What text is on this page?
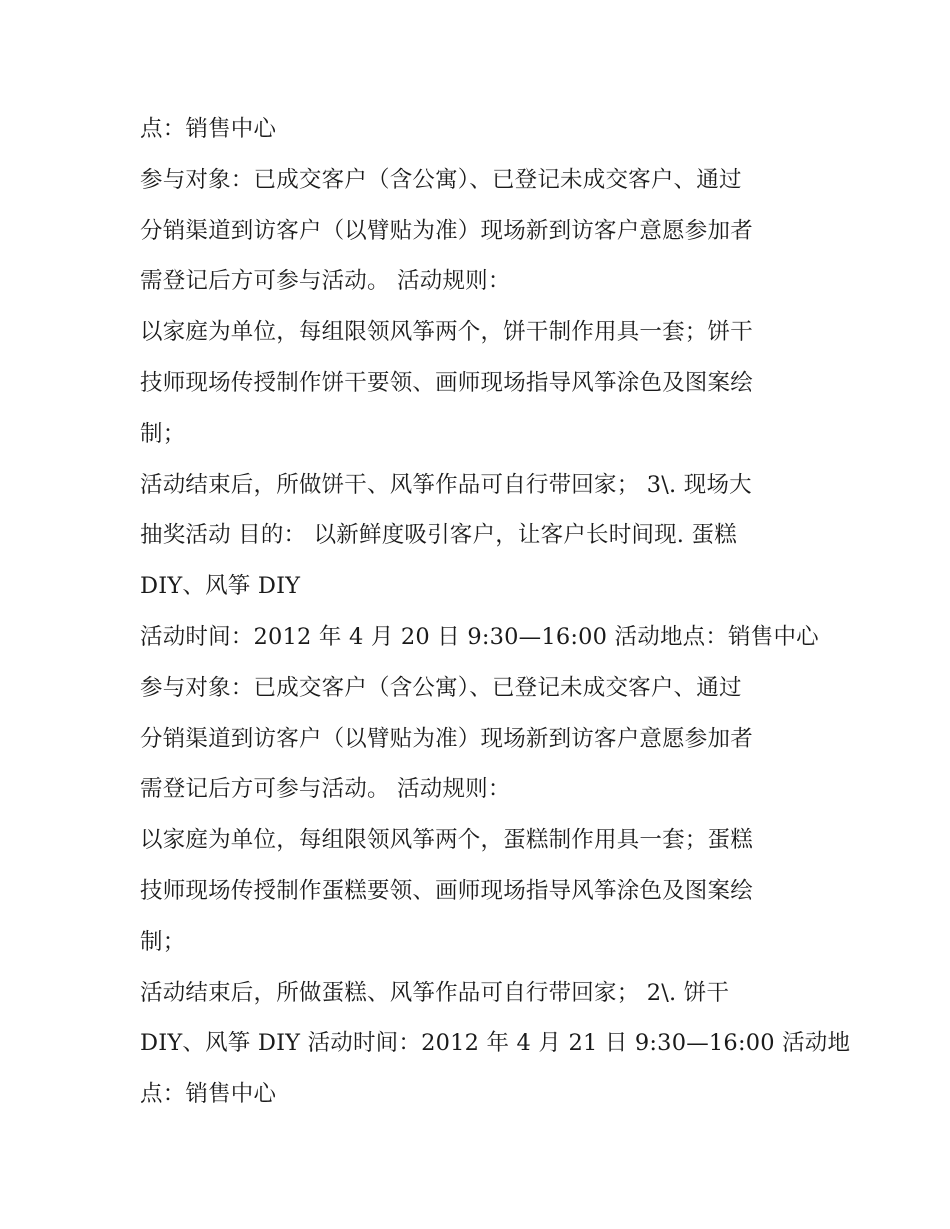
点：销售中心
参与对象：已成交客户（含公寓）、已登记未成交客户、通过
分销渠道到访客户（以臂贴为准）现场新到访客户意愿参加者
需登记后方可参与活动。 活动规则：
以家庭为单位，每组限领风筝两个，饼干制作用具一套；饼干
技师现场传授制作饼干要领、画师现场指导风筝涂色及图案绘
制；
活动结束后，所做饼干、风筝作品可自行带回家； 3\. 现场大
抽奖活动 目的： 以新鲜度吸引客户，让客户长时间现. 蛋糕
DIY、风筝 DIY
活动时间：2012 年 4 月 20 日 9:30—16:00 活动地点：销售中心
参与对象：已成交客户（含公寓）、已登记未成交客户、通过
分销渠道到访客户（以臂贴为准）现场新到访客户意愿参加者
需登记后方可参与活动。 活动规则：
以家庭为单位，每组限领风筝两个，蛋糕制作用具一套；蛋糕
技师现场传授制作蛋糕要领、画师现场指导风筝涂色及图案绘
制；
活动结束后，所做蛋糕、风筝作品可自行带回家； 2\. 饼干
DIY、风筝 DIY 活动时间：2012 年 4 月 21 日 9:30—16:00 活动地
点：销售中心
